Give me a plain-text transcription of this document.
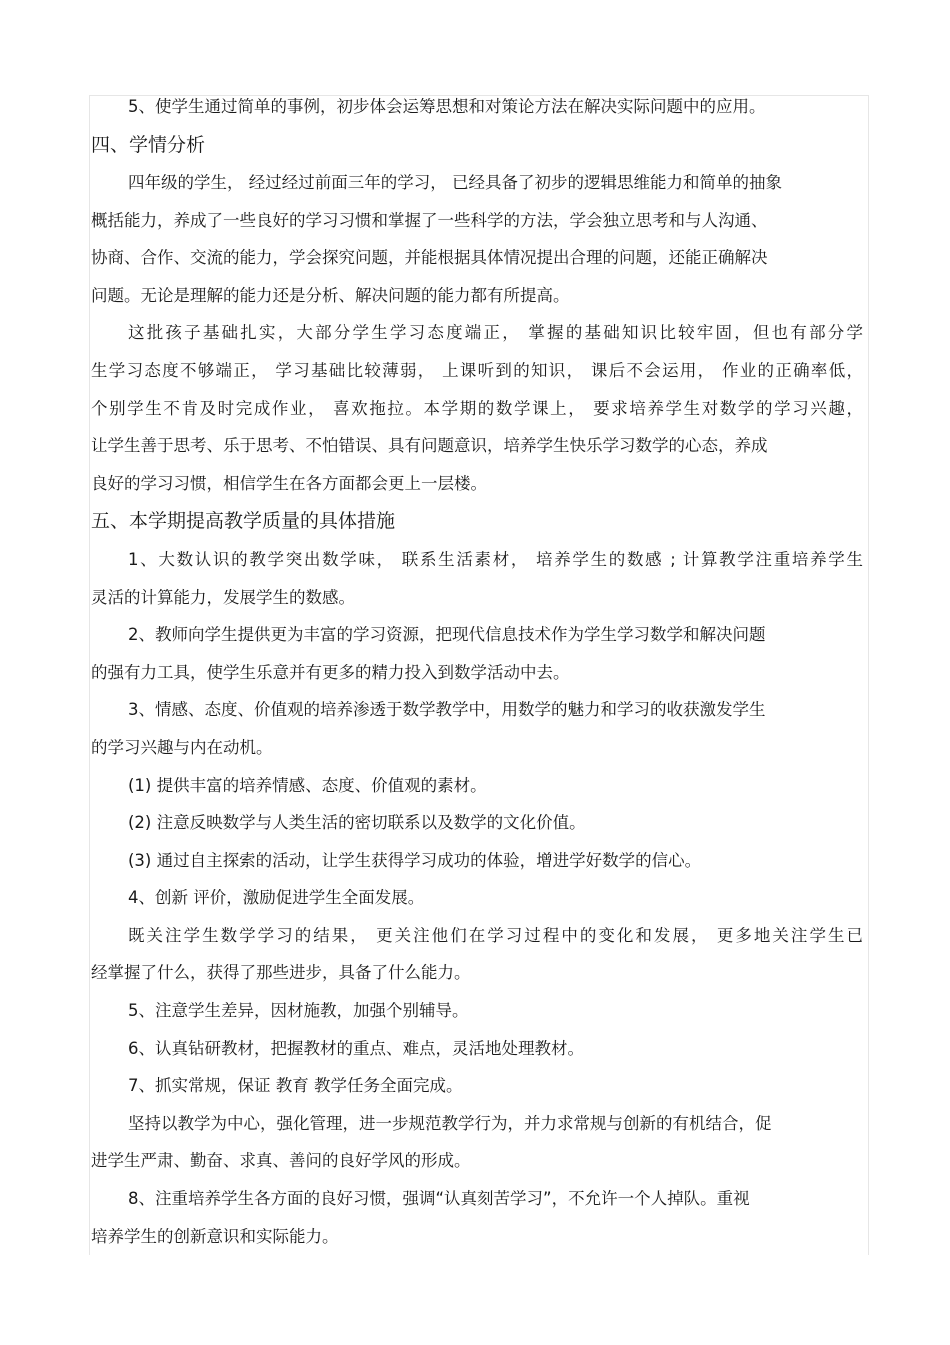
5、使学生通过简单的事例，初步体会运筹思想和对策论方法在解决实际问题中的应用。
四、学情分析
四年级的学生， 经过经过前面三年的学习， 已经具备了初步的逻辑思维能力和简单的抽象
概括能力，养成了一些良好的学习习惯和掌握了一些科学的方法，学会独立思考和与人沟通、
协商、合作、交流的能力，学会探究问题，并能根据具体情况提出合理的问题，还能正确解决
问题。无论是理解的能力还是分析、解决问题的能力都有所提高。
这批孩子基础扎实，大部分学生学习态度端正， 掌握的基础知识比较牢固，但也有部分学
生学习态度不够端正， 学习基础比较薄弱， 上课听到的知识， 课后不会运用， 作业的正确率低，
个别学生不肯及时完成作业， 喜欢拖拉。本学期的数学课上， 要求培养学生对数学的学习兴趣，
让学生善于思考、乐于思考、不怕错误、具有问题意识，培养学生快乐学习数学的心态，养成
良好的学习习惯，相信学生在各方面都会更上一层楼。
五、本学期提高教学质量的具体措施
1、大数认识的教学突出数学味， 联系生活素材， 培养学生的数感 ; 计算教学注重培养学生
灵活的计算能力，发展学生的数感。
2、教师向学生提供更为丰富的学习资源，把现代信息技术作为学生学习数学和解决问题
的强有力工具，使学生乐意并有更多的精力投入到数学活动中去。
3、情感、态度、价值观的培养渗透于数学教学中，用数学的魅力和学习的收获激发学生
的学习兴趣与内在动机。
(1) 提供丰富的培养情感、态度、价值观的素材。
(2) 注意反映数学与人类生活的密切联系以及数学的文化价值。
(3) 通过自主探索的活动，让学生获得学习成功的体验，增进学好数学的信心。
4、创新 评价，激励促进学生全面发展。
既关注学生数学学习的结果， 更关注他们在学习过程中的变化和发展， 更多地关注学生已
经掌握了什么，获得了那些进步，具备了什么能力。
5、注意学生差异，因材施教，加强个别辅导。
6、认真钻研教材，把握教材的重点、难点，灵活地处理教材。
7、抓实常规，保证 教育 教学任务全面完成。
坚持以教学为中心，强化管理，进一步规范教学行为，并力求常规与创新的有机结合，促
进学生严肃、勤奋、求真、善问的良好学风的形成。
8、注重培养学生各方面的良好习惯，强调“认真刻苦学习”，不允许一个人掉队。重视
培养学生的创新意识和实际能力。
